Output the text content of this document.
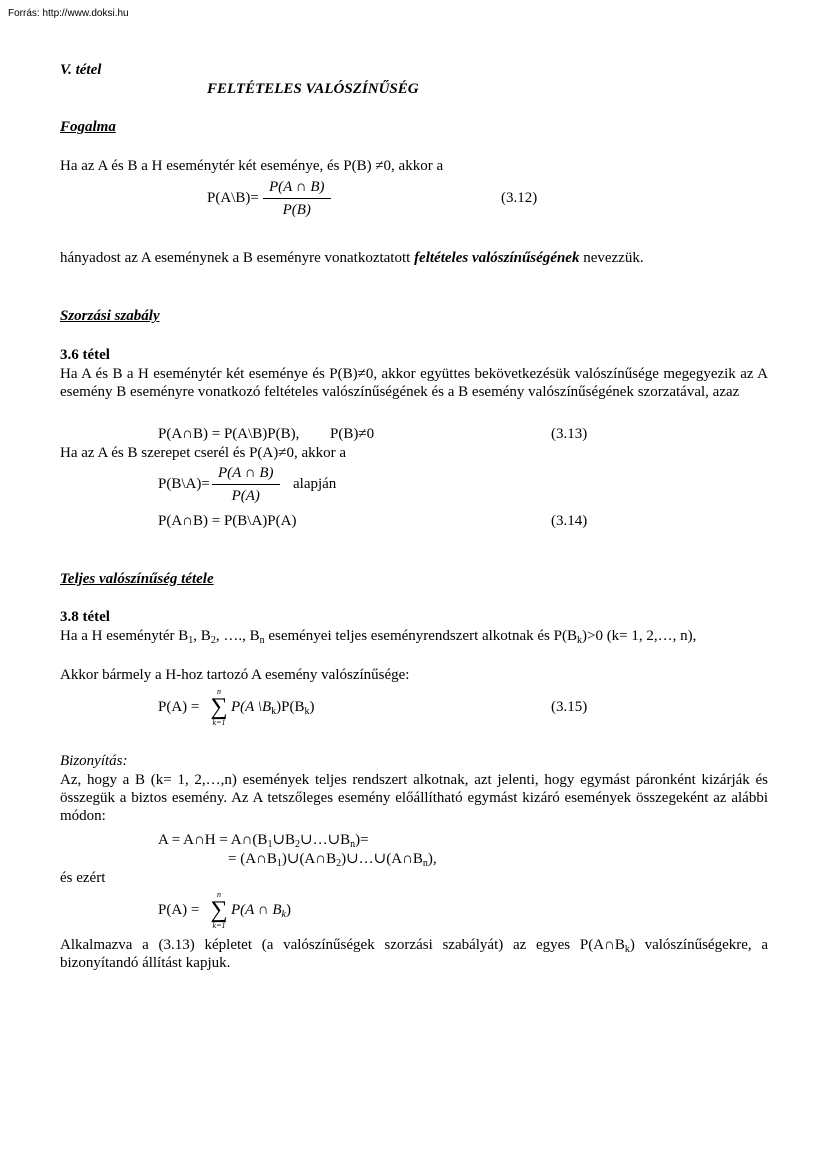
Forrás: http://www.doksi.hu
V. tétel
FELTÉTELES VALÓSZÍNŰSÉG
Fogalma
Ha az A és B a H eseménytér két eseménye, és P(B) ≠0, akkor a
P(A\B)= $\frac{P(A \cap B)}{P(B)}$	(3.12)
hányadost az A eseménynek a B eseményre vonatkoztatott feltételes valószínűségének nevezzük.
Szorzási szabály
3.6 tétel
Ha A és B a H eseménytér két eseménye és P(B)≠0, akkor együttes bekövetkezésük valószínűsége megegyezik az A esemény B eseményre vonatkozó feltételes valószínűségének és a B esemény valószínűségének szorzatával, azaz
P(A∩B) = P(A\B)P(B), P(B)≠0	(3.13)
Ha az A és B szerepet cserél és P(A)≠0, akkor a
P(B\A)= $\frac{P(A \cap B)}{P(A)}$ alapján
P(A∩B) = P(B\A)P(A)	(3.14)
Teljes valószínűség tétele
3.8 tétel
Ha a H eseménytér $B_1$, $B_2$, …., $B_n$ eseményei teljes eseményrendszert alkotnak és $P(B_k)>0$ (k= 1, 2,…, n),
Akkor bármely a H-hoz tartozó A esemény valószínűsége:
P(A) =
n
∑
k=1
P(A $\backslash B_k)P(B_k)$	(3.15)
Bizonyítás:
Az, hogy a B (k= 1, 2,…,n) események teljes rendszert alkotnak, azt jelenti, hogy egymást páronként kizárják és összegük a biztos esemény. Az A tetszőleges esemény előállítható egymást kizáró események összegeként az alábbi módon:
A = A∩H = $A\cap(B_1\cup B_2\cup\dots\cup B_n)=$
= $(A\cap B_1)\cup(A\cap B_2)\cup\dots\cup(A\cap B_n)$,
és ezért
P(A) =
n
∑
k=1
P(A ∩ $B_k$)
Alkalmazva a (3.13) képletet (a valószínűségek szorzási szabályát) az egyes $P(A\cap B_k)$ valószínűségekre, a bizonyítandó állítást kapjuk.
